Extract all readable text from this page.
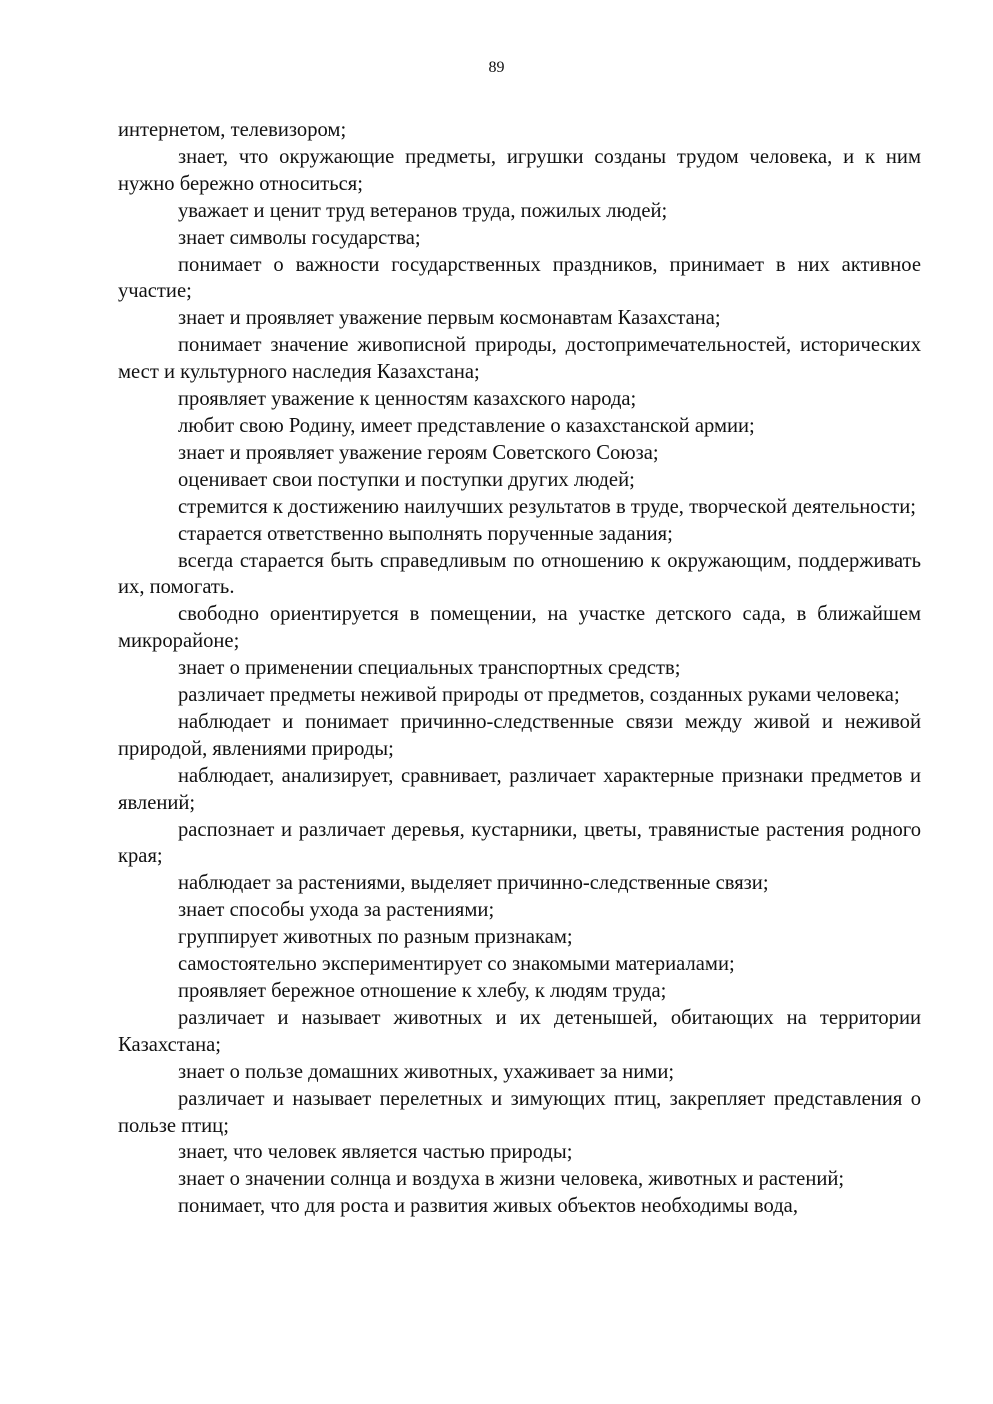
89

интернетом, телевизором;

знает, что окружающие предметы, игрушки созданы трудом человека, и к ним нужно бережно относиться;

уважает и ценит труд ветеранов труда, пожилых людей;

знает символы государства;

понимает о важности государственных праздников, принимает в них активное участие;

знает и проявляет уважение первым космонавтам Казахстана;

понимает значение живописной природы, достопримечательностей, исторических мест и культурного наследия Казахстана;

проявляет уважение к ценностям казахского народа;

любит свою Родину, имеет представление о казахстанской армии;

знает и проявляет уважение героям Советского Союза;

оценивает свои поступки и поступки других людей;

стремится к достижению наилучших результатов в труде, творческой деятельности;

старается ответственно выполнять порученные задания;

всегда старается быть справедливым по отношению к окружающим, поддерживать их, помогать.

свободно ориентируется в помещении, на участке детского сада, в ближайшем микрорайоне;

знает о применении специальных транспортных средств;

различает предметы неживой природы от предметов, созданных руками человека;

наблюдает и понимает причинно-следственные связи между живой и неживой природой, явлениями природы;

наблюдает, анализирует, сравнивает, различает характерные признаки предметов и явлений;

распознает и различает деревья, кустарники, цветы, травянистые растения родного края;

наблюдает за растениями, выделяет причинно-следственные связи;

знает способы ухода за растениями;

группирует животных по разным признакам;

самостоятельно экспериментирует со знакомыми материалами;

проявляет бережное отношение к хлебу, к людям труда;

различает и называет животных и их детенышей, обитающих на территории Казахстана;

знает о пользе домашних животных, ухаживает за ними;

различает и называет перелетных и зимующих птиц, закрепляет представления о пользе птиц;

знает, что человек является частью природы;

знает о значении солнца и воздуха в жизни человека, животных и растений;

понимает, что для роста и развития живых объектов необходимы вода,
